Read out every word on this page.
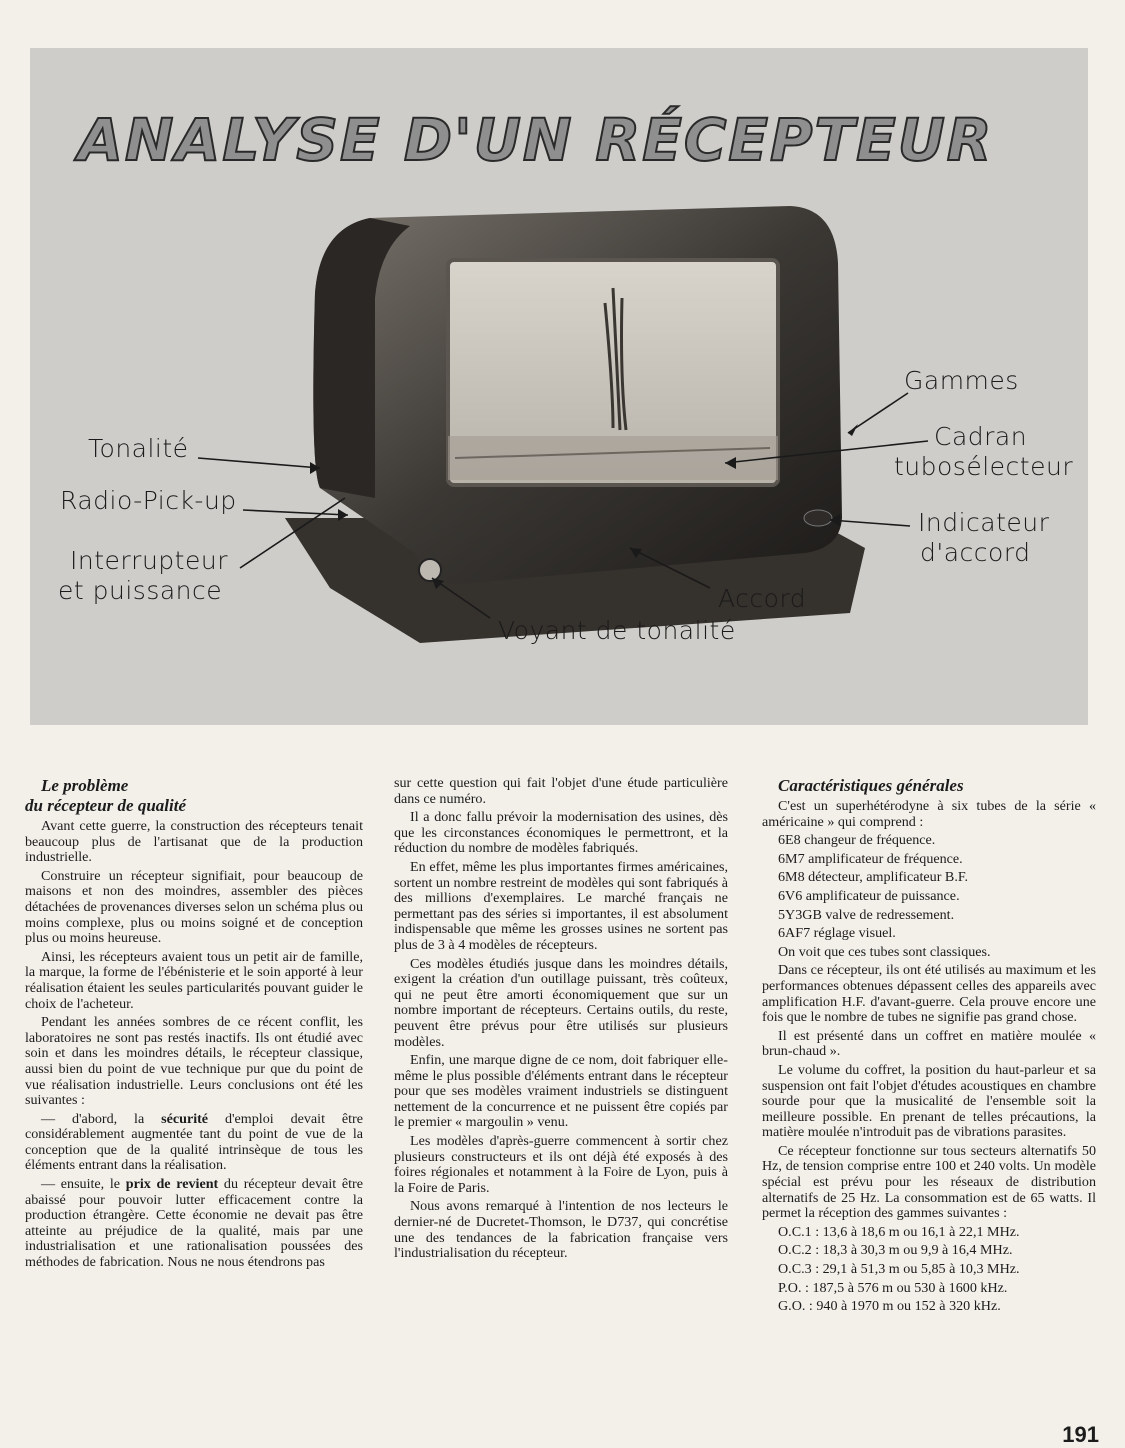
ANALYSE D'UN RÉCEPTEUR
Tonalité
Radio-Pick-up
Interrupteur
et puissance
Gammes
Cadran
tubosélecteur
Indicateur
d'accord
Accord
Voyant de tonalité

Le problème
du récepteur de qualité

Avant cette guerre, la construction des récepteurs tenait beaucoup plus de l'artisanat que de la production industrielle.

Construire un récepteur signifiait, pour beaucoup de maisons et non des moindres, assembler des pièces détachées de provenances diverses selon un schéma plus ou moins complexe, plus ou moins soigné et de conception plus ou moins heureuse.

Ainsi, les récepteurs avaient tous un petit air de famille, la marque, la forme de l'ébénisterie et le soin apporté à leur réalisation étaient les seules particularités pouvant guider le choix de l'acheteur.

Pendant les années sombres de ce récent conflit, les laboratoires ne sont pas restés inactifs. Ils ont étudié avec soin et dans les moindres détails, le récepteur classique, aussi bien du point de vue technique pur que du point de vue réalisation industrielle. Leurs conclusions ont été les suivantes :

— d'abord, la sécurité d'emploi devait être considérablement augmentée tant du point de vue de la conception que de la qualité intrinsèque de tous les éléments entrant dans la réalisation.

— ensuite, le prix de revient du récepteur devait être abaissé pour pouvoir lutter efficacement contre la production étrangère. Cette économie ne devait pas être atteinte au préjudice de la qualité, mais par une industrialisation et une rationalisation poussées des méthodes de fabrication. Nous ne nous étendrons pas

sur cette question qui fait l'objet d'une étude particulière dans ce numéro.

Il a donc fallu prévoir la modernisation des usines, dès que les circonstances économiques le permettront, et la réduction du nombre de modèles fabriqués.

En effet, même les plus importantes firmes américaines, sortent un nombre restreint de modèles qui sont fabriqués à des millions d'exemplaires. Le marché français ne permettant pas des séries si importantes, il est absolument indispensable que même les grosses usines ne sortent pas plus de 3 à 4 modèles de récepteurs.

Ces modèles étudiés jusque dans les moindres détails, exigent la création d'un outillage puissant, très coûteux, qui ne peut être amorti économiquement que sur un nombre important de récepteurs. Certains outils, du reste, peuvent être prévus pour être utilisés sur plusieurs modèles.

Enfin, une marque digne de ce nom, doit fabriquer elle-même le plus possible d'éléments entrant dans le récepteur pour que ses modèles vraiment industriels se distinguent nettement de la concurrence et ne puissent être copiés par le premier « margoulin » venu.

Les modèles d'après-guerre commencent à sortir chez plusieurs constructeurs et ils ont déjà été exposés à des foires régionales et notamment à la Foire de Lyon, puis à la Foire de Paris.

Nous avons remarqué à l'intention de nos lecteurs le dernier-né de Ducretet-Thomson, le D737, qui concrétise une des tendances de la fabrication française vers l'industrialisation du récepteur.

Caractéristiques générales

C'est un superhétérodyne à six tubes de la série « américaine » qui comprend :

6E8 changeur de fréquence.

6M7 amplificateur de fréquence.

6M8 détecteur, amplificateur B.F.

6V6 amplificateur de puissance.

5Y3GB valve de redressement.

6AF7 réglage visuel.

On voit que ces tubes sont classiques.

Dans ce récepteur, ils ont été utilisés au maximum et les performances obtenues dépassent celles des appareils avec amplification H.F. d'avant-guerre. Cela prouve encore une fois que le nombre de tubes ne signifie pas grand chose.

Il est présenté dans un coffret en matière moulée « brun-chaud ».

Le volume du coffret, la position du haut-parleur et sa suspension ont fait l'objet d'études acoustiques en chambre sourde pour que la musicalité de l'ensemble soit la meilleure possible. En prenant de telles précautions, la matière moulée n'introduit pas de vibrations parasites.

Ce récepteur fonctionne sur tous secteurs alternatifs 50 Hz, de tension comprise entre 100 et 240 volts. Un modèle spécial est prévu pour les réseaux de distribution alternatifs de 25 Hz. La consommation est de 65 watts. Il permet la réception des gammes suivantes :

O.C.1 : 13,6 à 18,6 m ou 16,1 à 22,1 MHz.

O.C.2 : 18,3 à 30,3 m ou 9,9 à 16,4 MHz.

O.C.3 : 29,1 à 51,3 m ou 5,85 à 10,3 MHz.

P.O. : 187,5 à 576 m ou 530 à 1600 kHz.

G.O. : 940 à 1970 m ou 152 à 320 kHz.

191
